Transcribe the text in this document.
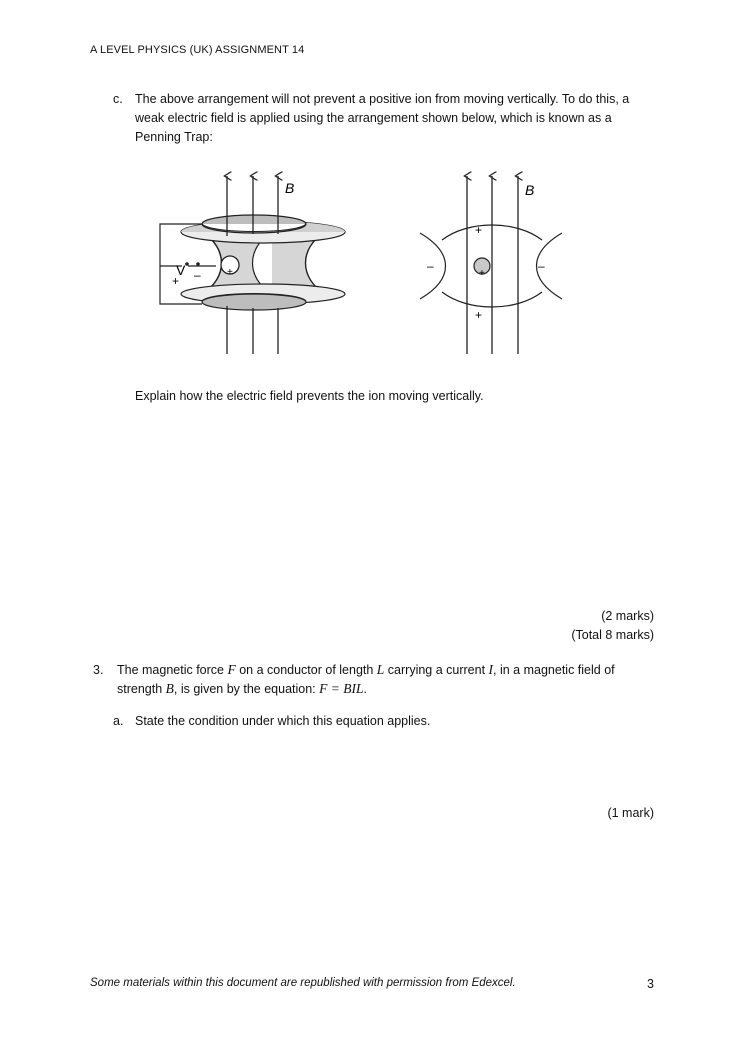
A LEVEL PHYSICS (UK) ASSIGNMENT 14
c. The above arrangement will not prevent a positive ion from moving vertically. To do this, a
weak electric field is applied using the arrangement shown below, which is known as a
Penning Trap:
+
V
+ –
B	B
+
+
+
–	–
Explain how the electric field prevents the ion moving vertically.
(2 marks)
(Total 8 marks)
3. The magnetic force F on a conductor of length L carrying a current I, in a magnetic field of
strength B, is given by the equation: F = BIL.
a. State the condition under which this equation applies.
(1 mark)
Some materials within this document are republished with permission from Edexcel.	3
